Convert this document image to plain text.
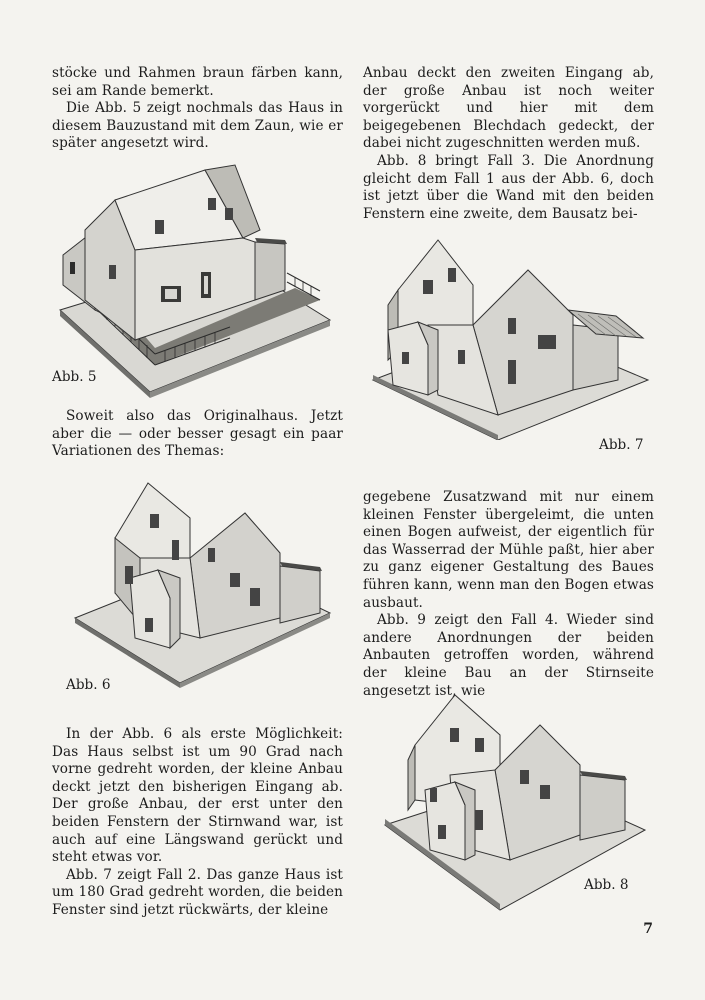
stöcke und Rahmen braun färben kann, sei am Rande bemerkt.

Die Abb. 5 zeigt nochmals das Haus in diesem Bauzustand mit dem Zaun, wie er später angesetzt wird.

Abb. 5

Soweit also das Originalhaus. Jetzt aber die — oder besser gesagt ein paar Variationen des Themas:

Abb. 6

In der Abb. 6 als erste Möglichkeit: Das Haus selbst ist um 90 Grad nach vorne gedreht worden, der kleine Anbau deckt jetzt den bisherigen Eingang ab. Der große Anbau, der erst unter den beiden Fenstern der Stirnwand war, ist auch auf eine Längswand gerückt und steht etwas vor.

Abb. 7 zeigt Fall 2. Das ganze Haus ist um 180 Grad gedreht worden, die beiden Fenster sind jetzt rückwärts, der kleine

Anbau deckt den zweiten Eingang ab, der große Anbau ist noch weiter vorgerückt und hier mit dem beigegebenen Blechdach gedeckt, der dabei nicht zugeschnitten werden muß.

Abb. 8 bringt Fall 3. Die Anordnung gleicht dem Fall 1 aus der Abb. 6, doch ist jetzt über die Wand mit den beiden Fenstern eine zweite, dem Bausatz bei-

Abb. 7

gegebene Zusatzwand mit nur einem kleinen Fenster übergeleimt, die unten einen Bogen aufweist, der eigentlich für das Wasserrad der Mühle paßt, hier aber zu ganz eigener Gestaltung des Baues führen kann, wenn man den Bogen etwas ausbaut.

Abb. 9 zeigt den Fall 4. Wieder sind andere Anordnungen der beiden Anbauten getroffen worden, während der kleine Bau an der Stirnseite angesetzt ist, wie

Abb. 8
7
